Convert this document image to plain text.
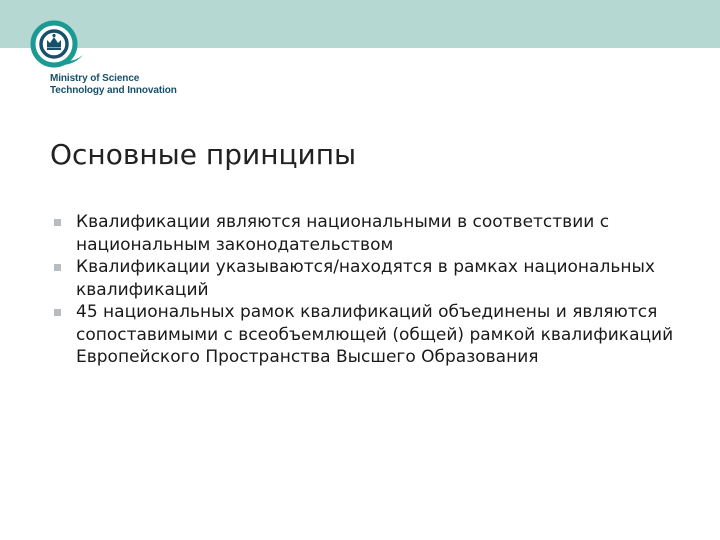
Ministry of Science
Technology and Innovation
Основные принципы
Квалификации являются национальными в соответствии с национальным законодательством
Квалификации указываются/находятся в рамках национальных квалификаций
45 национальных рамок квалификаций объединены и являются сопоставимыми с всеобъемлющей (общей) рамкой квалификаций Европейского Пространства Высшего Образования
